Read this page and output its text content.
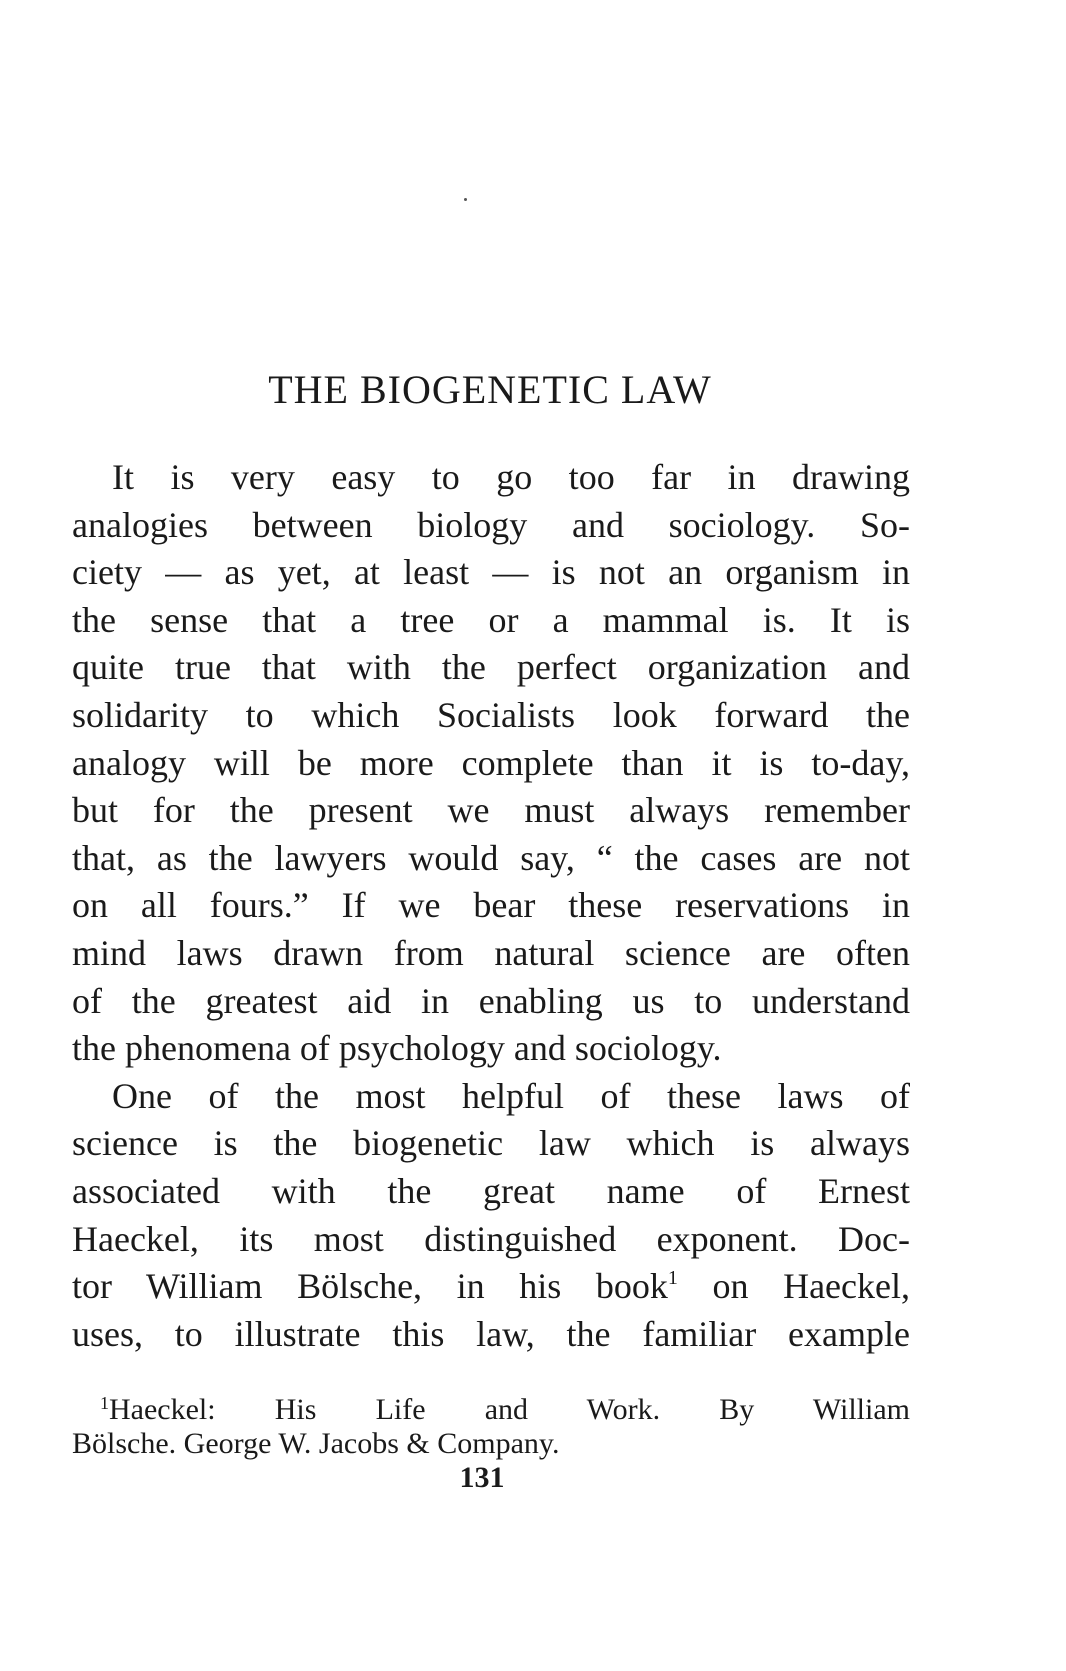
THE BIOGENETIC LAW
It is very easy to go too far in drawing
analogies between biology and sociology. So-
ciety — as yet, at least — is not an organism in
the sense that a tree or a mammal is. It is
quite true that with the perfect organization and
solidarity to which Socialists look forward the
analogy will be more complete than it is to-day,
but for the present we must always remember
that, as the lawyers would say, “ the cases are not
on all fours.” If we bear these reservations in
mind laws drawn from natural science are often
of the greatest aid in enabling us to understand
the phenomena of psychology and sociology.
One of the most helpful of these laws of
science is the biogenetic law which is always
associated with the great name of Ernest
Haeckel, its most distinguished exponent. Doc-
tor William Bölsche, in his book$^1$ on Haeckel,
uses, to illustrate this law, the familiar example
$^1$Haeckel: His Life and Work. By William
Bölsche. George W. Jacobs & Company.
131
